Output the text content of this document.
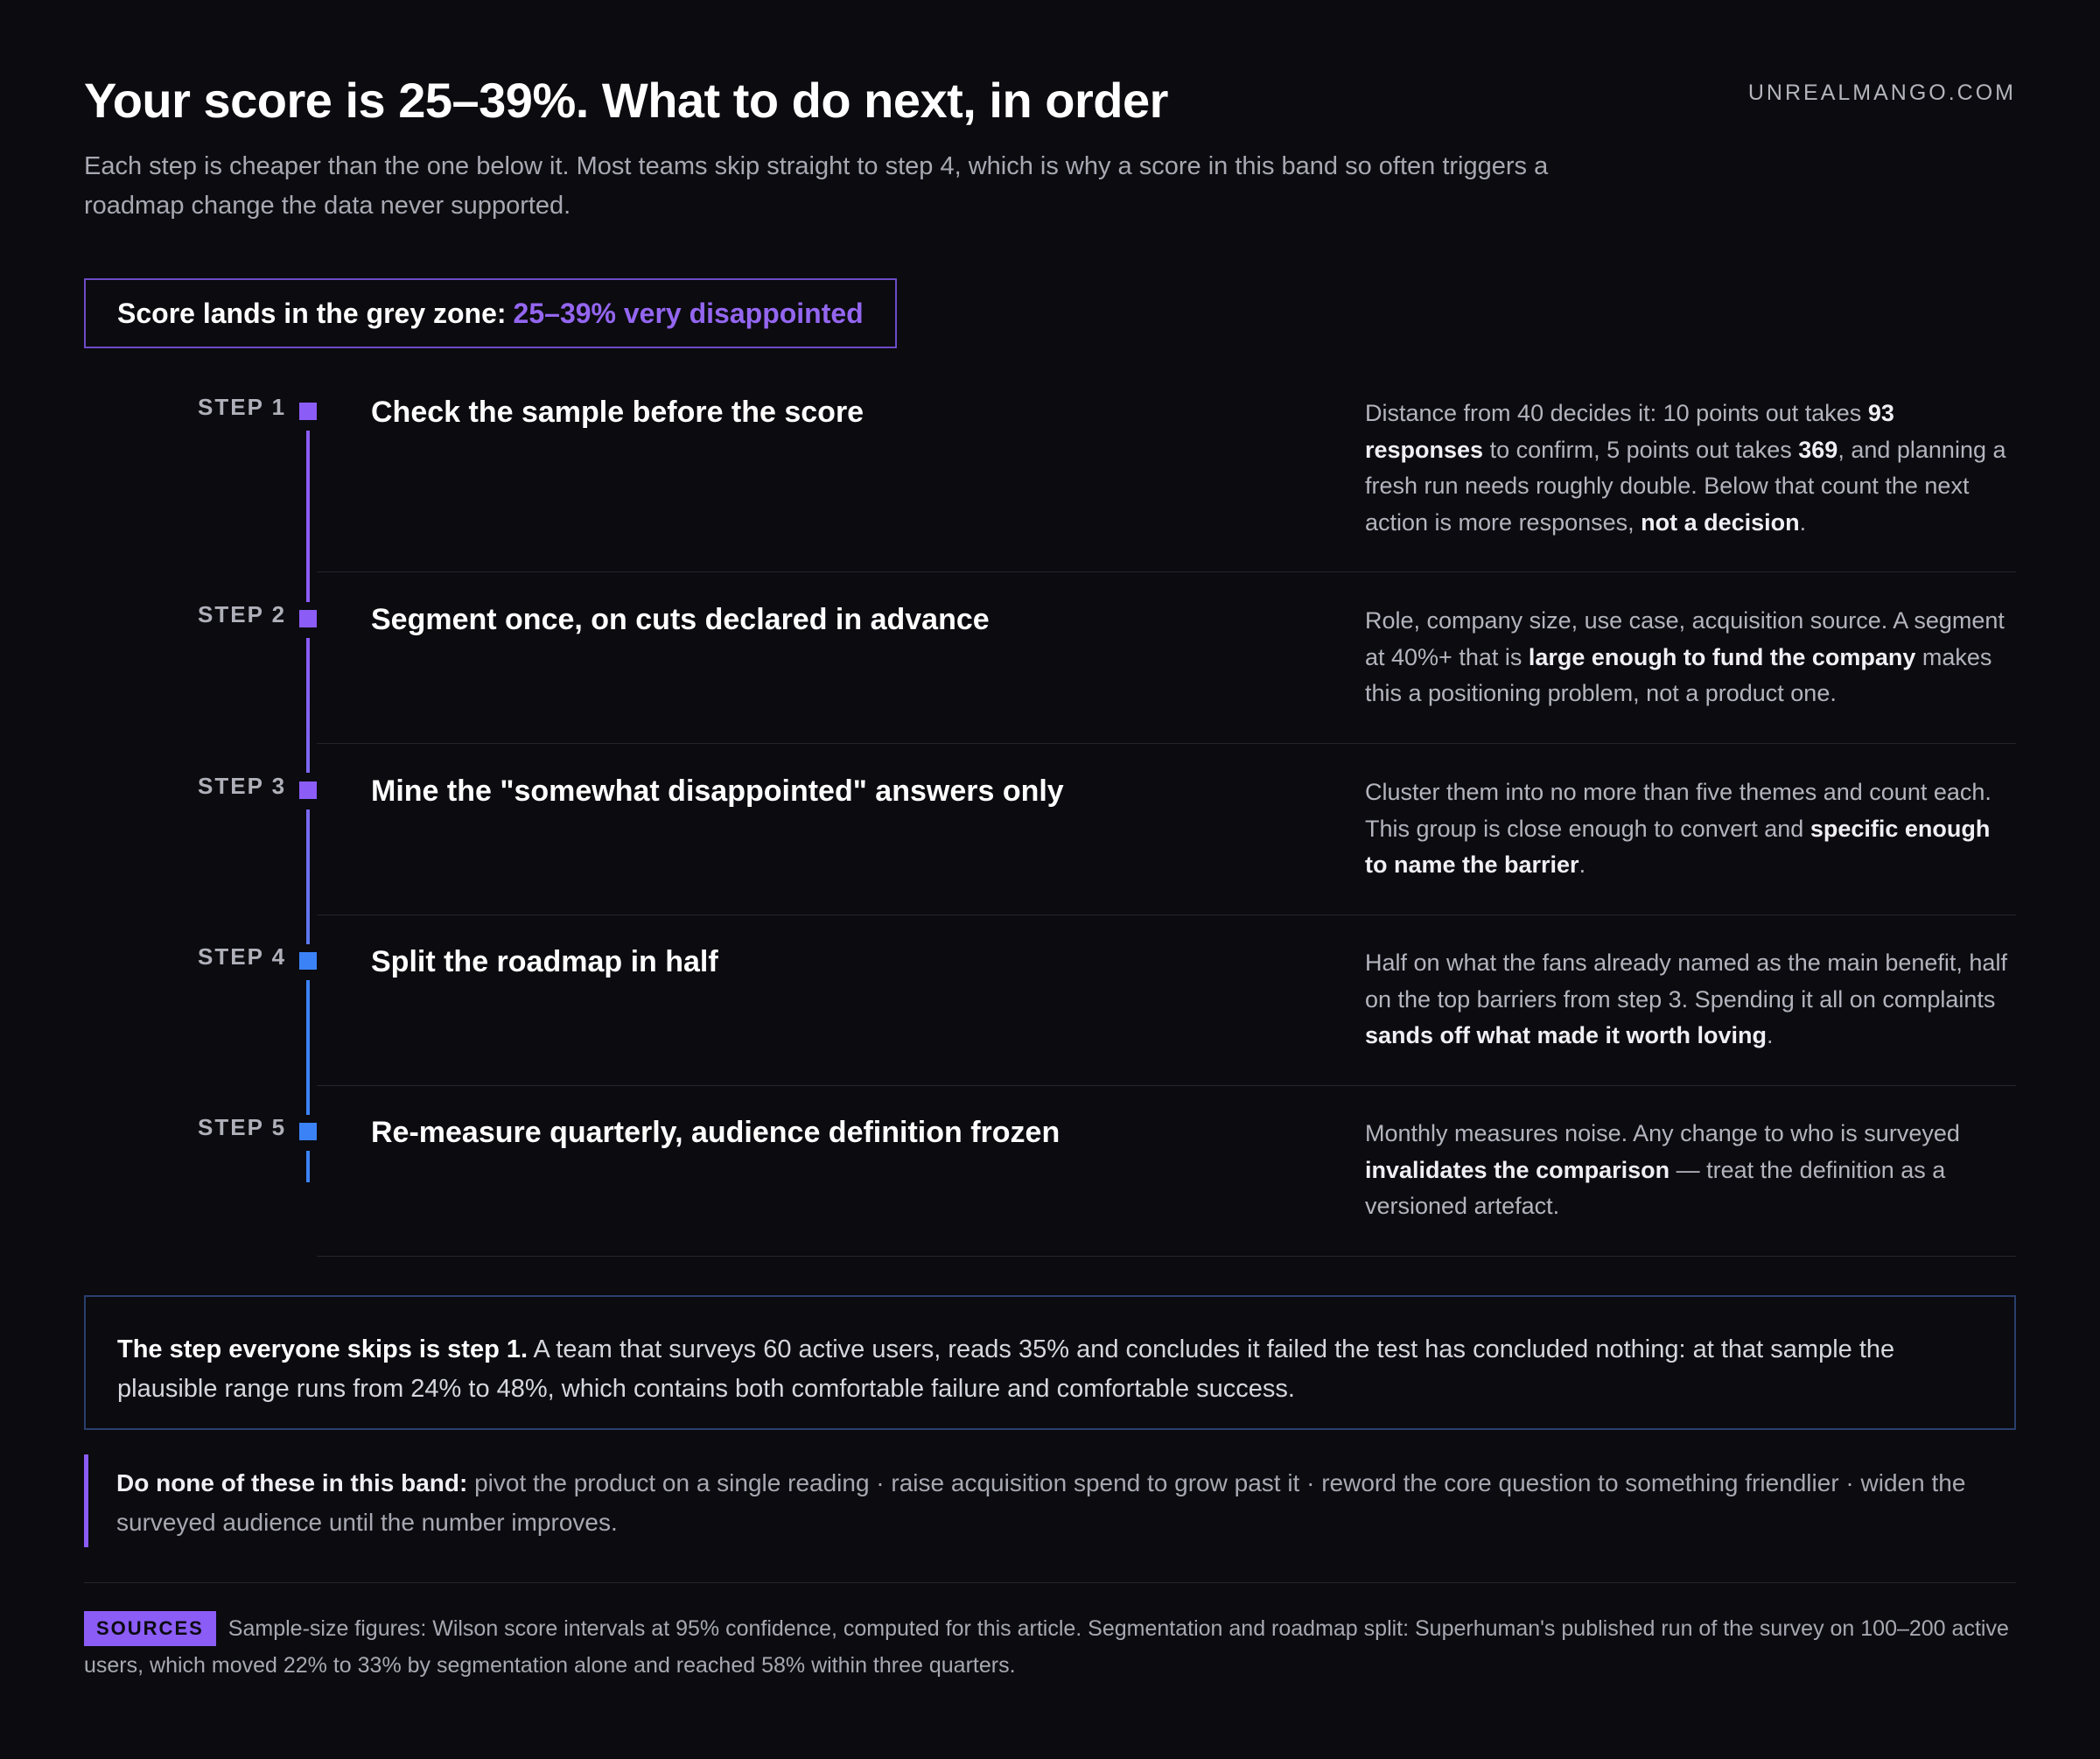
UNREALMANGO.COM
Your score is 25–39%. What to do next, in order

Each step is cheaper than the one below it. Most teams skip straight to step 4, which is why a score in this band so often triggers a roadmap change the data never supported.

Score lands in the grey zone: 25–39% very disappointed
STEP 1	Check the sample before the score	Distance from 40 decides it: 10 points out takes 93 responses to confirm, 5 points out takes 369, and planning a fresh run needs roughly double. Below that count the next action is more responses, not a decision.

STEP 2	Segment once, on cuts declared in advance	Role, company size, use case, acquisition source. A segment at 40%+ that is large enough to fund the company makes this a positioning problem, not a product one.

STEP 3	Mine the "somewhat disappointed" answers only	Cluster them into no more than five themes and count each. This group is close enough to convert and specific enough to name the barrier.

STEP 4	Split the roadmap in half	Half on what the fans already named as the main benefit, half on the top barriers from step 3. Spending it all on complaints sands off what made it worth loving.

STEP 5	Re-measure quarterly, audience definition frozen	Monthly measures noise. Any change to who is surveyed invalidates the comparison — treat the definition as a versioned artefact.

The step everyone skips is step 1. A team that surveys 60 active users, reads 35% and concludes it failed the test has concluded nothing: at that sample the plausible range runs from 24% to 48%, which contains both comfortable failure and comfortable success.
Do none of these in this band: pivot the product on a single reading · raise acquisition spend to grow past it · reword the core question to something friendlier · widen the surveyed audience until the number improves.
SOURCES Sample-size figures: Wilson score intervals at 95% confidence, computed for this article. Segmentation and roadmap split: Superhuman's published run of the survey on 100–200 active users, which moved 22% to 33% by segmentation alone and reached 58% within three quarters.
